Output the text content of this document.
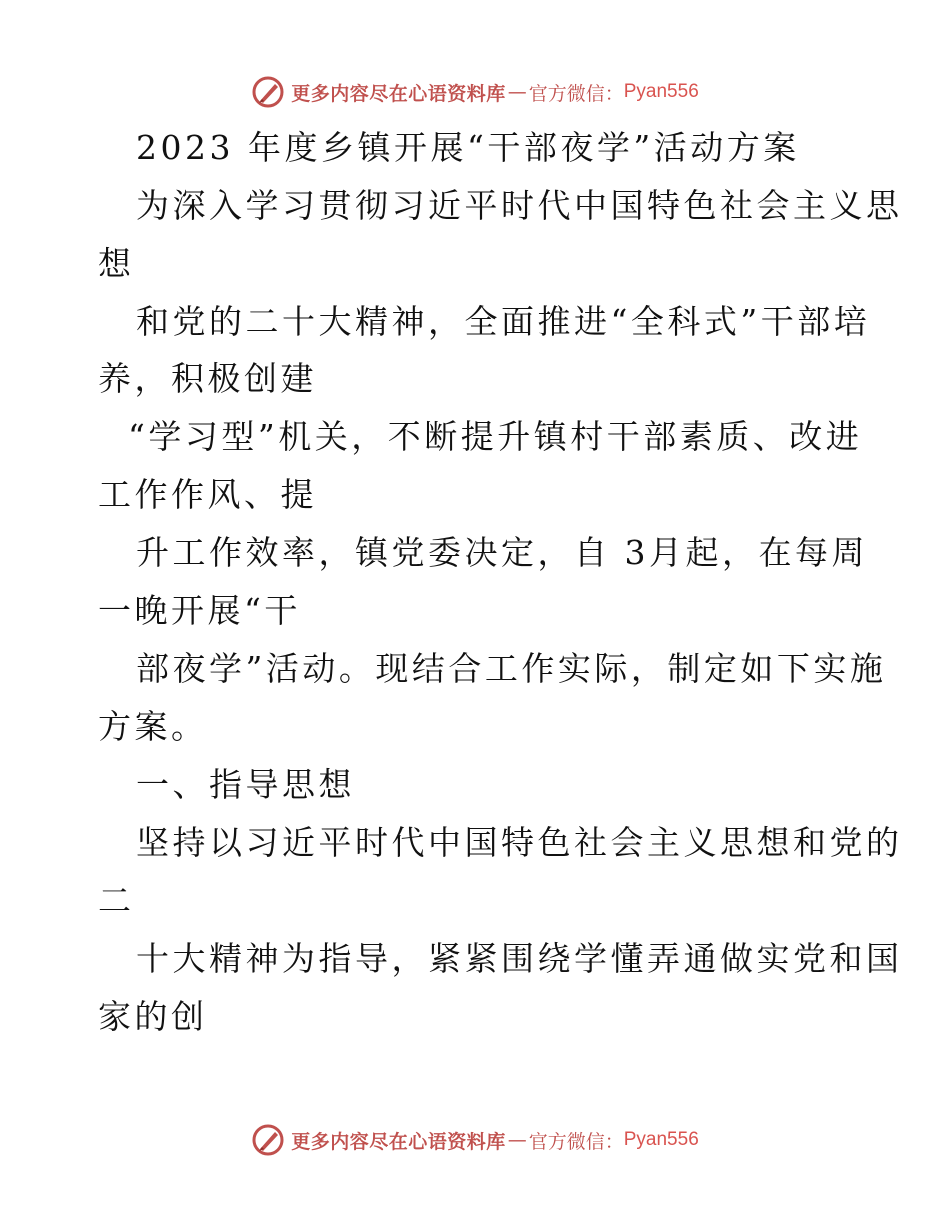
更多内容尽在心语资料库 — 官方微信： Pyan556
2023 年度乡镇开展“干部夜学”活动方案
为深入学习贯彻习近平时代中国特色社会主义思
想
和党的二十大精神，全面推进“全科式”干部培
养，积极创建
“学习型”机关，不断提升镇村干部素质、改进
工作作风、提
升工作效率，镇党委决定，自 3月起，在每周
一晚开展“干
部夜学”活动。现结合工作实际，制定如下实施
方案。
一、指导思想
坚持以习近平时代中国特色社会主义思想和党的
二
十大精神为指导，紧紧围绕学懂弄通做实党和国
家的创
更多内容尽在心语资料库 — 官方微信： Pyan556
